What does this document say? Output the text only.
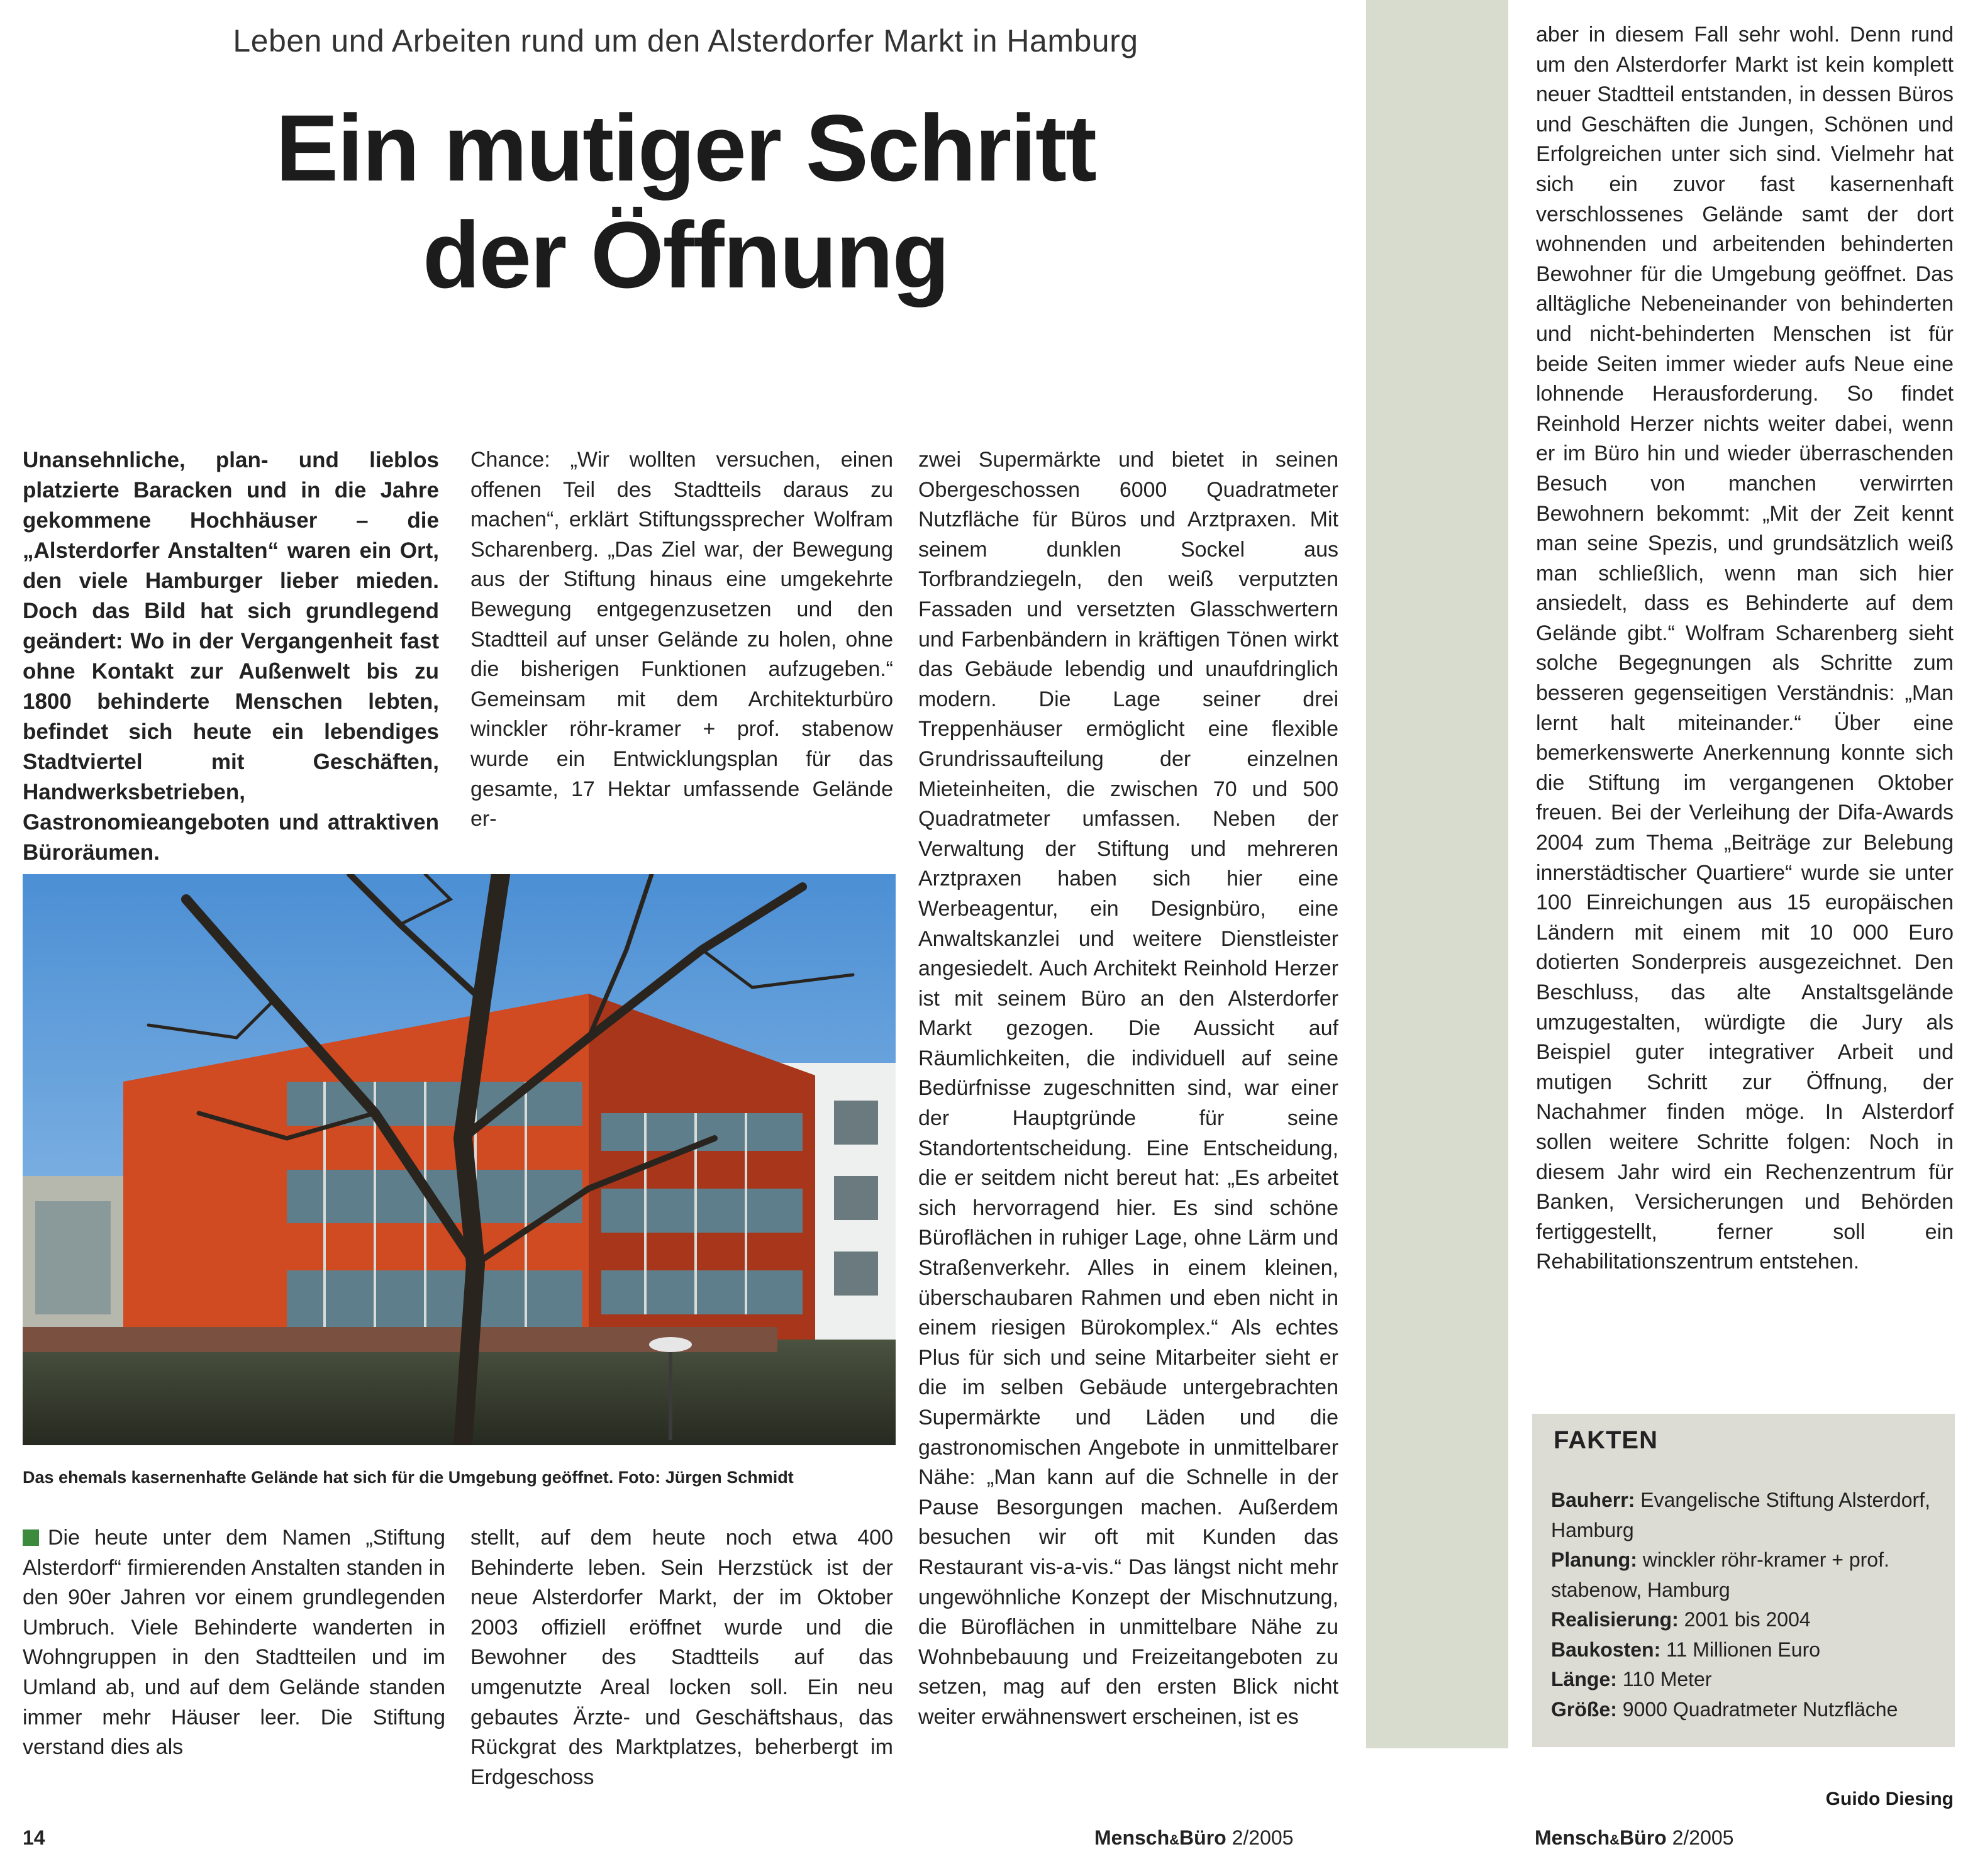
Leben und Arbeiten rund um den Alsterdorfer Markt in Hamburg
Ein mutiger Schritt
der Öffnung

Unansehnliche, plan- und lieblos platzierte Baracken und in die Jahre gekommene Hochhäuser – die „Alsterdorfer Anstalten“ waren ein Ort, den viele Hamburger lieber mieden. Doch das Bild hat sich grundlegend geändert: Wo in der Vergangenheit fast ohne Kontakt zur Außenwelt bis zu 1800 behinderte Menschen lebten, befindet sich heute ein lebendiges Stadtviertel mit Geschäften, Handwerksbetrieben, Gastronomieangeboten und attraktiven Büroräumen.

Chance: „Wir wollten versuchen, einen offenen Teil des Stadtteils daraus zu machen“, erklärt Stiftungssprecher Wolfram Scharenberg. „Das Ziel war, der Bewegung aus der Stiftung hinaus eine umgekehrte Bewegung entgegenzusetzen und den Stadtteil auf unser Gelände zu holen, ohne die bisherigen Funktionen aufzugeben.“ Gemeinsam mit dem Architekturbüro winckler röhr-kramer + prof. stabenow wurde ein Entwicklungsplan für das gesamte, 17 Hektar umfassende Gelände er-

zwei Supermärkte und bietet in seinen Obergeschossen 6000 Quadratmeter Nutzfläche für Büros und Arztpraxen. Mit seinem dunklen Sockel aus Torfbrandziegeln, den weiß verputzten Fassaden und versetzten Glasschwertern und Farbenbändern in kräftigen Tönen wirkt das Gebäude lebendig und unaufdringlich modern. Die Lage seiner drei Treppenhäuser ermöglicht eine flexible Grundrissaufteilung der einzelnen Mieteinheiten, die zwischen 70 und 500 Quadratmeter umfassen. Neben der Verwaltung der Stiftung und mehreren Arztpraxen haben sich hier eine Werbeagentur, ein Designbüro, eine Anwaltskanzlei und weitere Dienstleister angesiedelt. Auch Architekt Reinhold Herzer ist mit seinem Büro an den Alsterdorfer Markt gezogen. Die Aussicht auf Räumlichkeiten, die individuell auf seine Bedürfnisse zugeschnitten sind, war einer der Hauptgründe für seine Standortentscheidung. Eine Entscheidung, die er seitdem nicht bereut hat: „Es arbeitet sich hervorragend hier. Es sind schöne Büroflächen in ruhiger Lage, ohne Lärm und Straßenverkehr. Alles in einem kleinen, überschaubaren Rahmen und eben nicht in einem riesigen Bürokomplex.“ Als echtes Plus für sich und seine Mitarbeiter sieht er die im selben Gebäude untergebrachten Supermärkte und Läden und die gastronomischen Angebote in unmittelbarer Nähe: „Man kann auf die Schnelle in der Pause Besorgungen machen. Außerdem besuchen wir oft mit Kunden das Restaurant vis-a-vis.“ Das längst nicht mehr ungewöhnliche Konzept der Mischnutzung, die Büroflächen in unmittelbare Nähe zu Wohnbebauung und Freizeitangeboten zu setzen, mag auf den ersten Blick nicht weiter erwähnenswert erscheinen, ist es

Das ehemals kasernenhafte Gelände hat sich für die Umgebung geöffnet. Foto: Jürgen Schmidt

Die heute unter dem Namen „Stiftung Alsterdorf“ firmierenden Anstalten standen in den 90er Jahren vor einem grundlegenden Umbruch. Viele Behinderte wanderten in Wohngruppen in den Stadtteilen und im Umland ab, und auf dem Gelände standen immer mehr Häuser leer. Die Stiftung verstand dies als

stellt, auf dem heute noch etwa 400 Behinderte leben. Sein Herzstück ist der neue Alsterdorfer Markt, der im Oktober 2003 offiziell eröffnet wurde und die Bewohner des Stadtteils auf das umgenutzte Areal locken soll. Ein neu gebautes Ärzte- und Geschäftshaus, das Rückgrat des Marktplatzes, beherbergt im Erdgeschoss

aber in diesem Fall sehr wohl. Denn rund um den Alsterdorfer Markt ist kein komplett neuer Stadtteil entstanden, in dessen Büros und Geschäften die Jungen, Schönen und Erfolgreichen unter sich sind. Vielmehr hat sich ein zuvor fast kasernenhaft verschlossenes Gelände samt der dort wohnenden und arbeitenden behinderten Bewohner für die Umgebung geöffnet. Das alltägliche Nebeneinander von behinderten und nicht-behinderten Menschen ist für beide Seiten immer wieder aufs Neue eine lohnende Herausforderung. So findet Reinhold Herzer nichts weiter dabei, wenn er im Büro hin und wieder überraschenden Besuch von manchen verwirrten Bewohnern bekommt: „Mit der Zeit kennt man seine Spezis, und grundsätzlich weiß man schließlich, wenn man sich hier ansiedelt, dass es Behinderte auf dem Gelände gibt.“ Wolfram Scharenberg sieht solche Begegnungen als Schritte zum besseren gegenseitigen Verständnis: „Man lernt halt miteinander.“ Über eine bemerkenswerte Anerkennung konnte sich die Stiftung im vergangenen Oktober freuen. Bei der Verleihung der Difa-Awards 2004 zum Thema „Beiträge zur Belebung innerstädtischer Quartiere“ wurde sie unter 100 Einreichungen aus 15 europäischen Ländern mit einem mit 10 000 Euro dotierten Sonderpreis ausgezeichnet. Den Beschluss, das alte Anstaltsgelände umzugestalten, würdigte die Jury als Beispiel guter integrativer Arbeit und mutigen Schritt zur Öffnung, der Nachahmer finden möge. In Alsterdorf sollen weitere Schritte folgen: Noch in diesem Jahr wird ein Rechenzentrum für Banken, Versicherungen und Behörden fertiggestellt, ferner soll ein Rehabilitationszentrum entstehen.

Guido Diesing
FAKTEN
Bauherr: Evangelische Stiftung Alsterdorf, Hamburg
Planung: winckler röhr-kramer + prof. stabenow, Hamburg
Realisierung: 2001 bis 2004
Baukosten: 11 Millionen Euro
Länge: 110 Meter
Größe: 9000 Quadratmeter Nutzfläche
14	Mensch&Büro 2/2005	Mensch&Büro 2/2005
